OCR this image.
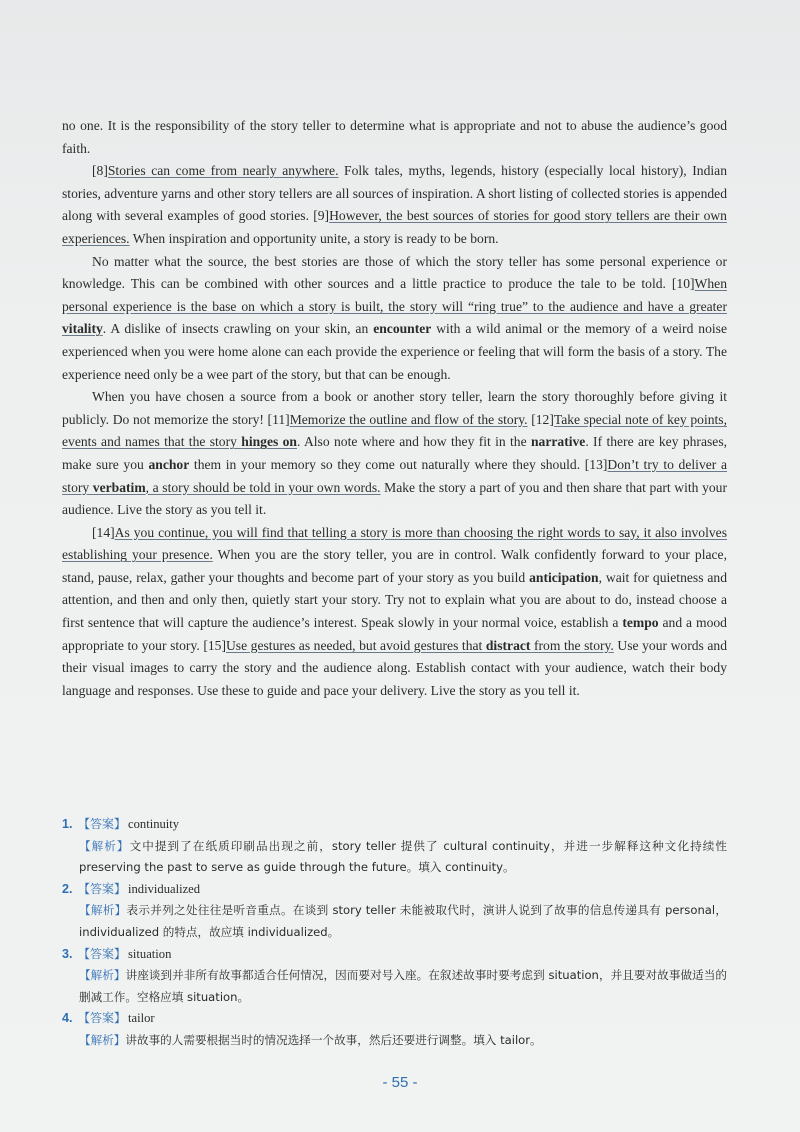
no one. It is the responsibility of the story teller to determine what is appropriate and not to abuse the audience’s good faith.

[8]Stories can come from nearly anywhere. Folk tales, myths, legends, history (especially local history), Indian stories, adventure yarns and other story tellers are all sources of inspiration. A short listing of collected stories is appended along with several examples of good stories. [9]However, the best sources of stories for good story tellers are their own experiences. When inspiration and opportunity unite, a story is ready to be born.

No matter what the source, the best stories are those of which the story teller has some personal experience or knowledge. This can be combined with other sources and a little practice to produce the tale to be told. [10]When personal experience is the base on which a story is built, the story will “ring true” to the audience and have a greater vitality. A dislike of insects crawling on your skin, an encounter with a wild animal or the memory of a weird noise experienced when you were home alone can each provide the experience or feeling that will form the basis of a story. The experience need only be a wee part of the story, but that can be enough.

When you have chosen a source from a book or another story teller, learn the story thoroughly before giving it publicly. Do not memorize the story! [11]Memorize the outline and flow of the story. [12]Take special note of key points, events and names that the story hinges on. Also note where and how they fit in the narrative. If there are key phrases, make sure you anchor them in your memory so they come out naturally where they should. [13]Don’t try to deliver a story verbatim, a story should be told in your own words. Make the story a part of you and then share that part with your audience. Live the story as you tell it.

[14]As you continue, you will find that telling a story is more than choosing the right words to say, it also involves establishing your presence. When you are the story teller, you are in control. Walk confidently forward to your place, stand, pause, relax, gather your thoughts and become part of your story as you build anticipation, wait for quietness and attention, and then and only then, quietly start your story. Try not to explain what you are about to do, instead choose a first sentence that will capture the audience’s interest. Speak slowly in your normal voice, establish a tempo and a mood appropriate to your story. [15]Use gestures as needed, but avoid gestures that distract from the story. Use your words and their visual images to carry the story and the audience along. Establish contact with your audience, watch their body language and responses. Use these to guide and pace your delivery. Live the story as you tell it.

1. 【答案】 continuity
【解析】文中提到了在纸质印刷品出现之前，story teller 提供了 cultural continuity，并进一步解释这种文化持续性 preserving the past to serve as guide through the future。填入 continuity。
2. 【答案】 individualized
【解析】表示并列之处往往是听音重点。在谈到 story teller 未能被取代时，演讲人说到了故事的信息传递具有 personal，individualized 的特点，故应填 individualized。
3. 【答案】 situation
【解析】讲座谈到并非所有故事都适合任何情况，因而要对号入座。在叙述故事时要考虑到 situation，并且要对故事做适当的删减工作。空格应填 situation。
4. 【答案】 tailor
【解析】讲故事的人需要根据当时的情况选择一个故事，然后还要进行调整。填入 tailor。
- 55 -
